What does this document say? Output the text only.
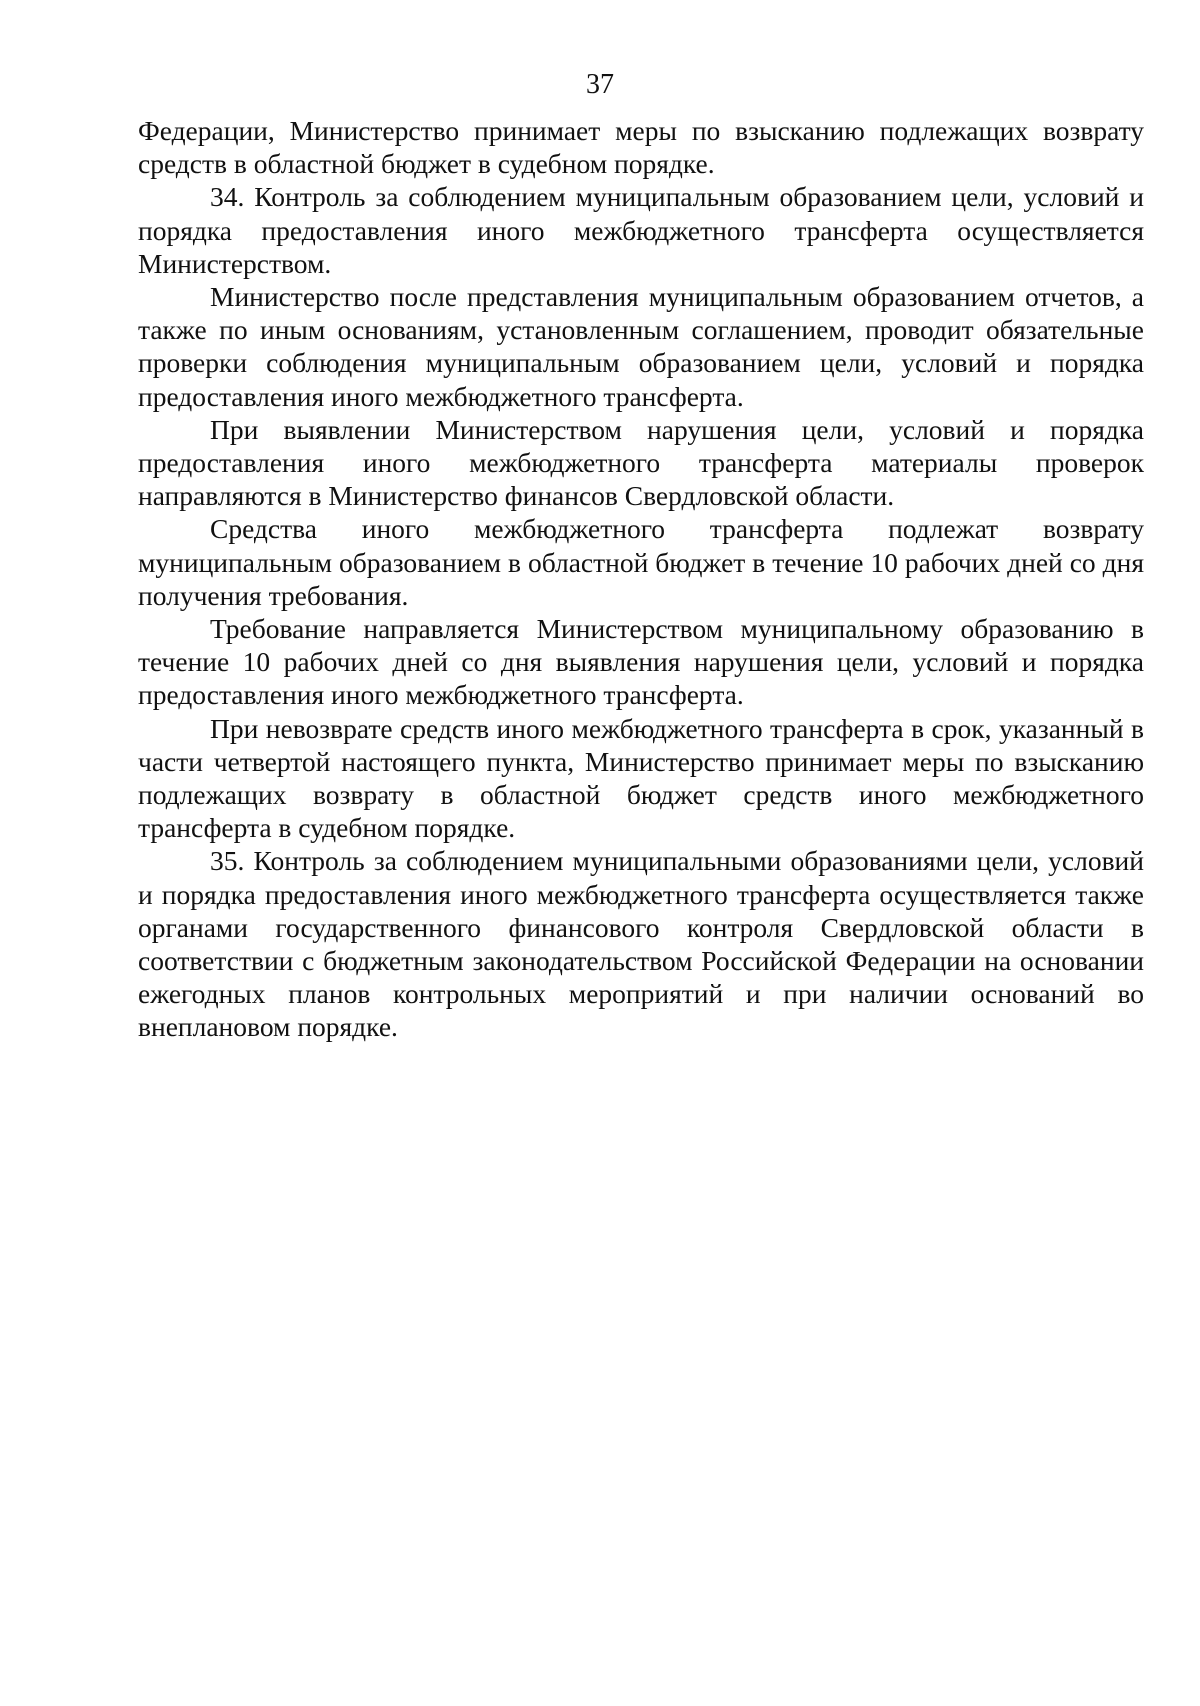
37

Федерации, Министерство принимает меры по взысканию подлежащих возврату средств в областной бюджет в судебном порядке.

34. Контроль за соблюдением муниципальным образованием цели, условий и порядка предоставления иного межбюджетного трансферта осуществляется Министерством.

Министерство после представления муниципальным образованием отчетов, а также по иным основаниям, установленным соглашением, проводит обязательные проверки соблюдения муниципальным образованием цели, условий и порядка предоставления иного межбюджетного трансферта.

При выявлении Министерством нарушения цели, условий и порядка предоставления иного межбюджетного трансферта материалы проверок направляются в Министерство финансов Свердловской области.

Средства иного межбюджетного трансферта подлежат возврату муниципальным образованием в областной бюджет в течение 10 рабочих дней со дня получения требования.

Требование направляется Министерством муниципальному образованию в течение 10 рабочих дней со дня выявления нарушения цели, условий и порядка предоставления иного межбюджетного трансферта.

При невозврате средств иного межбюджетного трансферта в срок, указанный в части четвертой настоящего пункта, Министерство принимает меры по взысканию подлежащих возврату в областной бюджет средств иного межбюджетного трансферта в судебном порядке.

35. Контроль за соблюдением муниципальными образованиями цели, условий и порядка предоставления иного межбюджетного трансферта осуществляется также органами государственного финансового контроля Свердловской области в соответствии с бюджетным законодательством Российской Федерации на основании ежегодных планов контрольных мероприятий и при наличии оснований во внеплановом порядке.
